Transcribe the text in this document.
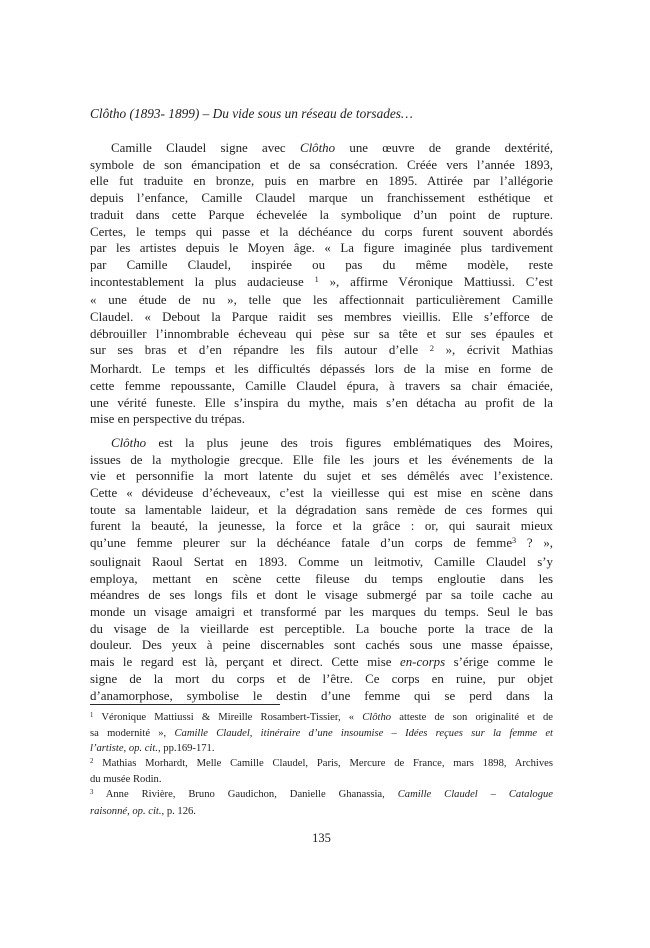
Clôtho (1893- 1899) – Du vide sous un réseau de torsades…
Camille Claudel signe avec Clôtho une œuvre de grande dextérité,
symbole de son émancipation et de sa consécration. Créée vers l’année 1893,
elle fut traduite en bronze, puis en marbre en 1895. Attirée par l’allégorie
depuis l’enfance, Camille Claudel marque un franchissement esthétique et
traduit dans cette Parque échevelée la symbolique d’un point de rupture.
Certes, le temps qui passe et la déchéance du corps furent souvent abordés
par les artistes depuis le Moyen âge. « La figure imaginée plus tardivement
par Camille Claudel, inspirée ou pas du même modèle, reste
incontestablement la plus audacieuse $^1$ », affirme Véronique Mattiussi. C’est
« une étude de nu », telle que les affectionnait particulièrement Camille
Claudel. « Debout la Parque raidit ses membres vieillis. Elle s’efforce de
débrouiller l’innombrable écheveau qui pèse sur sa tête et sur ses épaules et
sur ses bras et d’en répandre les fils autour d’elle $^2$ », écrivit Mathias
Morhardt. Le temps et les difficultés dépassés lors de la mise en forme de
cette femme repoussante, Camille Claudel épura, à travers sa chair émaciée,
une vérité funeste. Elle s’inspira du mythe, mais s’en détacha au profit de la
mise en perspective du trépas.
Clôtho est la plus jeune des trois figures emblématiques des Moires,
issues de la mythologie grecque. Elle file les jours et les événements de la
vie et personnifie la mort latente du sujet et ses démêlés avec l’existence.
Cette « dévideuse d’écheveaux, c’est la vieillesse qui est mise en scène dans
toute sa lamentable laideur, et la dégradation sans remède de ces formes qui
furent la beauté, la jeunesse, la force et la grâce : or, qui saurait mieux
qu’une femme pleurer sur la déchéance fatale d’un corps de femme$^3$ ? »,
soulignait Raoul Sertat en 1893. Comme un leitmotiv, Camille Claudel s’y
employa, mettant en scène cette fileuse du temps engloutie dans les
méandres de ses longs fils et dont le visage submergé par sa toile cache au
monde un visage amaigri et transformé par les marques du temps. Seul le bas
du visage de la vieillarde est perceptible. La bouche porte la trace de la
douleur. Des yeux à peine discernables sont cachés sous une masse épaisse,
mais le regard est là, perçant et direct. Cette mise en-corps s’érige comme le
signe de la mort du corps et de l’être. Ce corps en ruine, pur objet
d’anamorphose, symbolise le destin d’une femme qui se perd dans la
$^1$ Véronique Mattiussi & Mireille Rosambert-Tissier, « Clôtho atteste de son originalité et de
sa modernité », Camille Claudel, itinéraire d’une insoumise – Idées reçues sur la femme et
l’artiste, op. cit., pp.169-171.
$^2$ Mathias Morhardt, Melle Camille Claudel, Paris, Mercure de France, mars 1898, Archives
du musée Rodin.
$^3$ Anne Rivière, Bruno Gaudichon, Danielle Ghanassia, Camille Claudel – Catalogue
raisonné, op. cit., p. 126.
135
